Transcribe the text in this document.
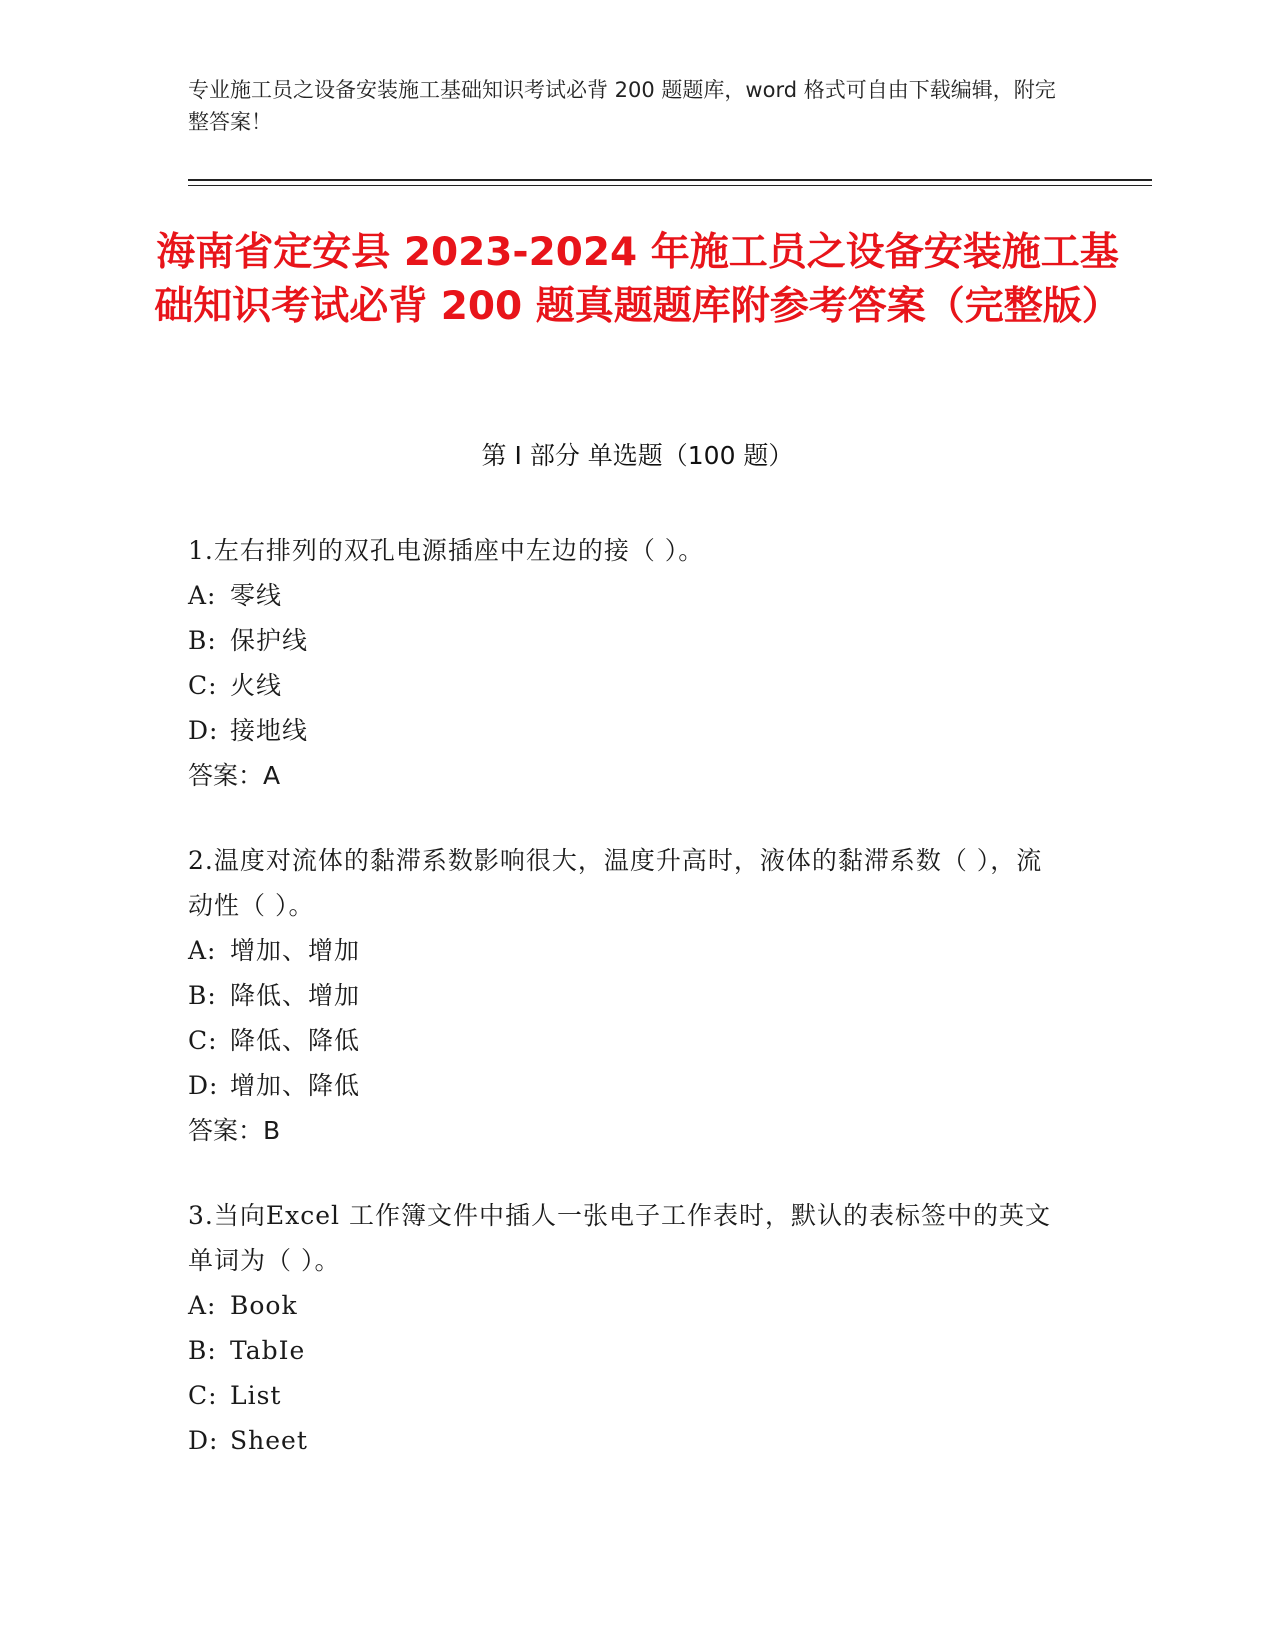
专业施工员之设备安装施工基础知识考试必背 200 题题库，word 格式可自由下载编辑，附完整答案！
海南省定安县 2023-2024 年施工员之设备安装施工基础知识考试必背 200 题真题题库附参考答案（完整版）
第 I 部分 单选题（100 题）
1.左右排列的双孔电源插座中左边的接（ ）。
A: 零线
B: 保护线
C: 火线
D: 接地线
答案：A
2.温度对流体的黏滞系数影响很大，温度升高时，液体的黏滞系数（ ），流动性（ ）。
A: 增加、增加
B: 降低、增加
C: 降低、降低
D: 增加、降低
答案：B
3.当向Excel 工作簿文件中插人一张电子工作表时，默认的表标签中的英文单词为（ ）。
A: Book
B: TabIe
C: List
D: Sheet
